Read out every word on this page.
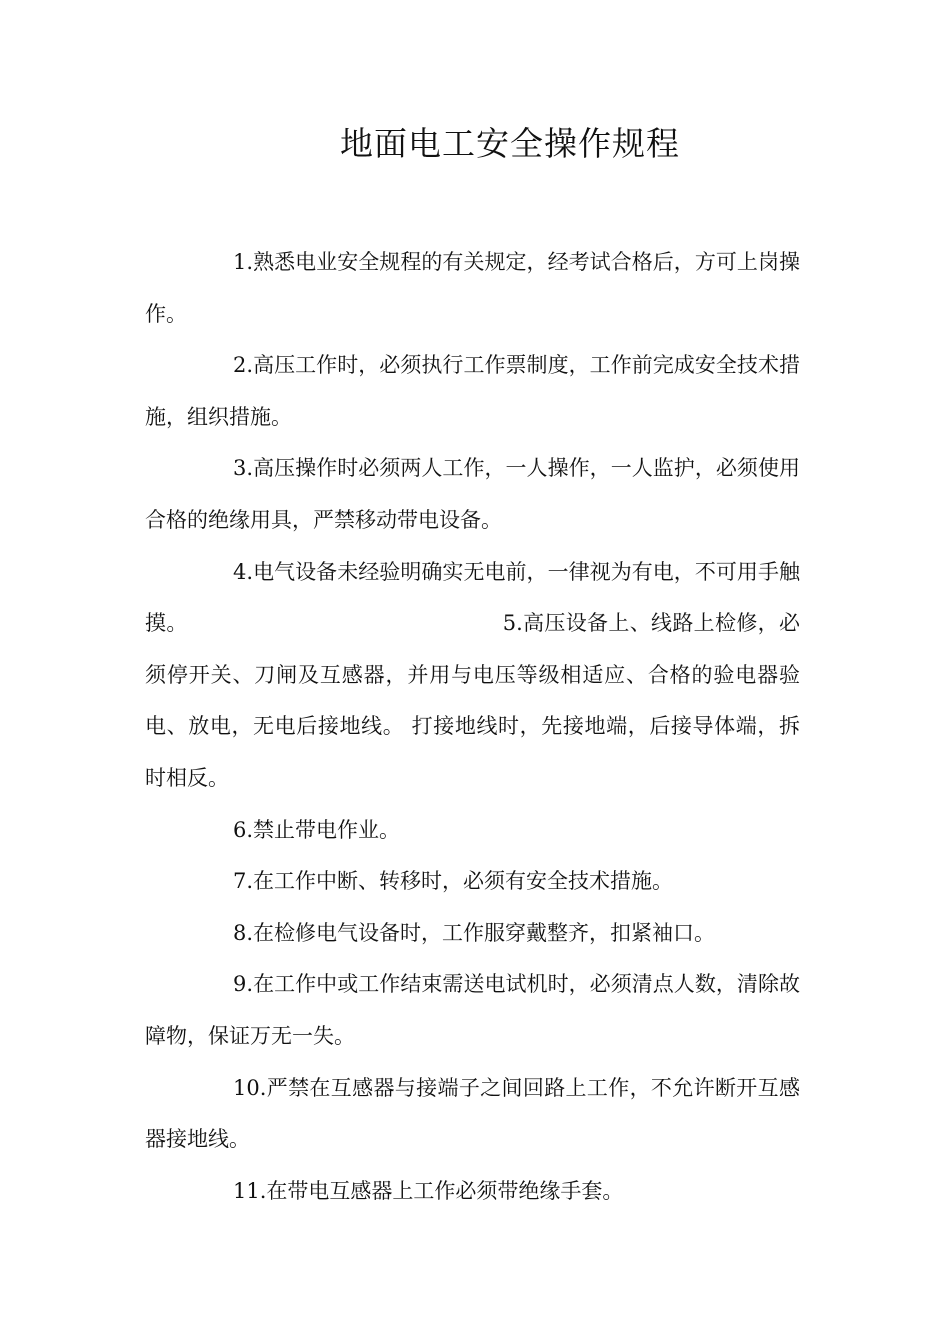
地面电工安全操作规程

1.熟悉电业安全规程的有关规定，经考试合格后，方可上岗操作。

2.高压工作时，必须执行工作票制度，工作前完成安全技术措施，组织措施。

3.高压操作时必须两人工作，一人操作，一人监护，必须使用合格的绝缘用具，严禁移动带电设备。

4.电气设备未经验明确实无电前，一律视为有电，不可用手触摸。                                             5.高压设备上、线路上检修，必须停开关、刀闸及互感器，并用与电压等级相适应、合格的验电器验电、放电，无电后接地线。 打接地线时，先接地端，后接导体端，拆时相反。

6.禁止带电作业。

7.在工作中断、转移时，必须有安全技术措施。

8.在检修电气设备时，工作服穿戴整齐，扣紧袖口。

9.在工作中或工作结束需送电试机时，必须清点人数，清除故障物，保证万无一失。

10.严禁在互感器与接端子之间回路上工作，不允许断开互感器接地线。

11.在带电互感器上工作必须带绝缘手套。
